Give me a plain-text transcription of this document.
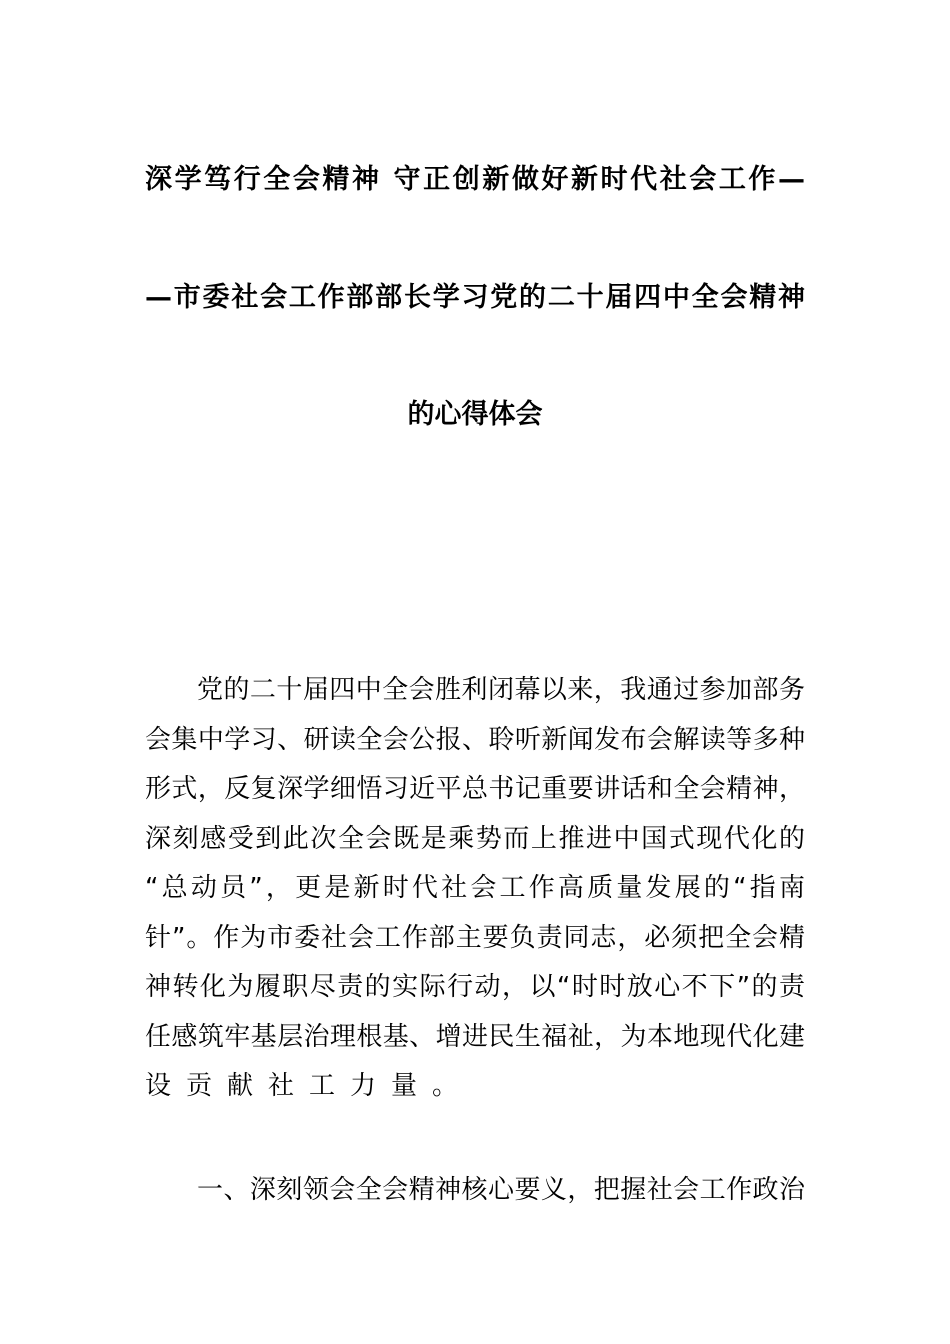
深学笃行全会精神 守正创新做好新时代社会工作—
—市委社会工作部部长学习党的二十届四中全会精神
的心得体会
党的二十届四中全会胜利闭幕以来，我通过参加部务
会集中学习、研读全会公报、聆听新闻发布会解读等多种
形式，反复深学细悟习近平总书记重要讲话和全会精神，
深刻感受到此次全会既是乘势而上推进中国式现代化的
“总动员”，更是新时代社会工作高质量发展的“指南
针”。作为市委社会工作部主要负责同志，必须把全会精
神转化为履职尽责的实际行动，以“时时放心不下”的责
任感筑牢基层治理根基、增进民生福祉，为本地现代化建
设贡献社工力量。
一、深刻领会全会精神核心要义，把握社会工作政治
